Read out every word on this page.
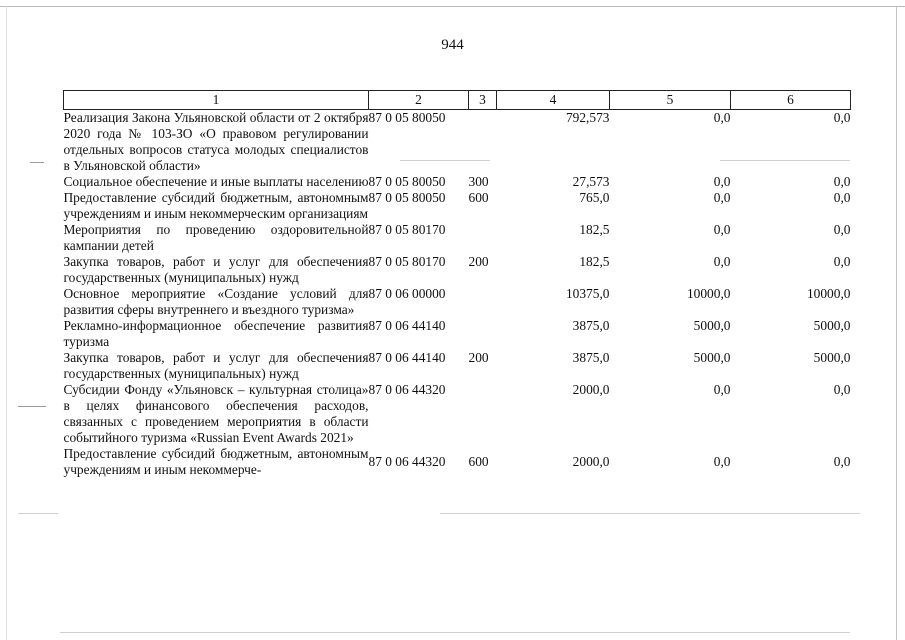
944
1	2	3	4	5	6
Реализация Закона Ульяновской области от 2 октября 2020 года № 103-ЗО «О правовом регулировании отдельных вопросов статуса молодых специалистов в Ульяновской области»	87 0 05 80050		792,573	0,0	0,0
Социальное обеспечение и иные выплаты населению	87 0 05 80050	300	27,573	0,0	0,0
Предоставление субсидий бюджетным, автономным учреждениям и иным некоммерческим организациям	87 0 05 80050	600	765,0	0,0	0,0
Мероприятия по проведению оздоровительной кампании детей	87 0 05 80170		182,5	0,0	0,0
Закупка товаров, работ и услуг для обеспечения государственных (муниципальных) нужд	87 0 05 80170	200	182,5	0,0	0,0
Основное мероприятие «Создание условий для развития сферы внутреннего и въездного туризма»	87 0 06 00000		10375,0	10000,0	10000,0
Рекламно-информационное обеспечение развития туризма	87 0 06 44140		3875,0	5000,0	5000,0
Закупка товаров, работ и услуг для обеспечения государственных (муниципальных) нужд	87 0 06 44140	200	3875,0	5000,0	5000,0
Субсидии Фонду «Ульяновск – культурная столица» в целях финансового обеспечения расходов, связанных с проведением мероприятия в области событийного туризма «Russian Event Awards 2021»	87 0 06 44320		2000,0	0,0	0,0
Предоставление субсидий бюджетным, автономным учреждениям и иным некоммерче-	87 0 06 44320	600	2000,0	0,0	0,0
